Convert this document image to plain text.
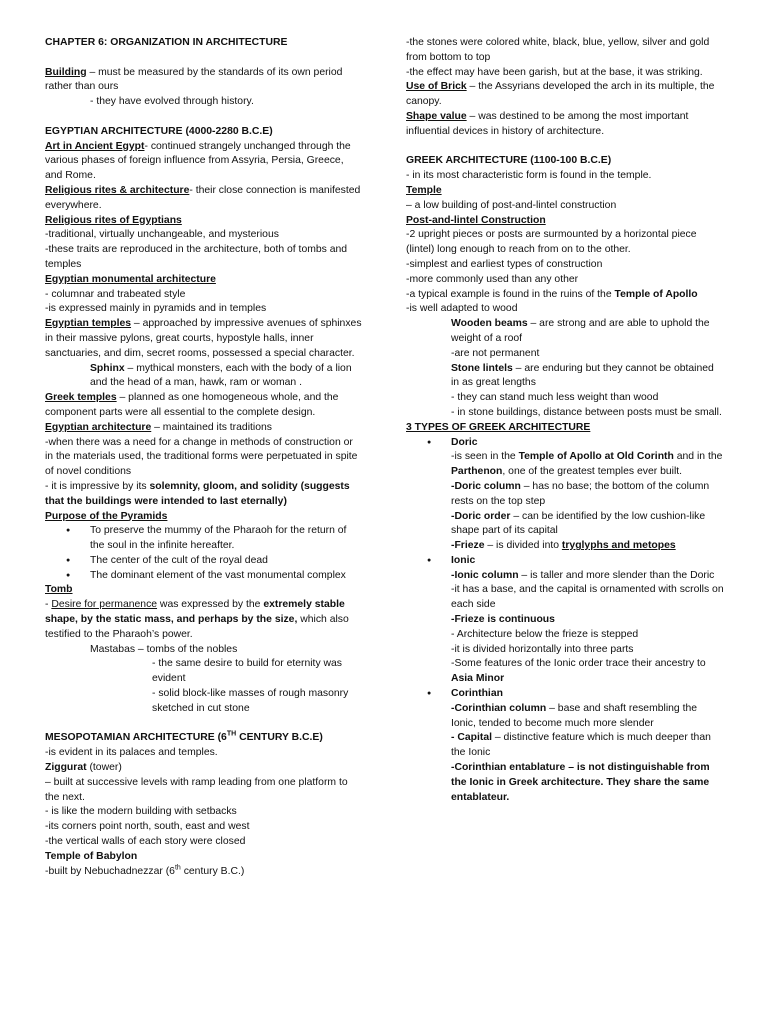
CHAPTER 6: ORGANIZATION IN ARCHITECTURE

Building – must be measured by the standards of its own period rather than ours

- they have evolved through history.

EGYPTIAN ARCHITECTURE (4000-2280 B.C.E)

Art in Ancient Egypt- continued strangely unchanged through the various phases of foreign influence from Assyria, Persia, Greece, and Rome.

Religious rites & architecture- their close connection is manifested everywhere.

Religious rites of Egyptians

-traditional, virtually unchangeable, and mysterious

-these traits are reproduced in the architecture, both of tombs and temples

Egyptian monumental architecture

- columnar and trabeated style

-is expressed mainly in pyramids and in temples

Egyptian temples – approached by impressive avenues of sphinxes in their massive pylons, great courts, hypostyle halls, inner sanctuaries, and dim, secret rooms, possessed a special character.

Sphinx – mythical monsters, each with the body of a lion and the head of a man, hawk, ram or woman .

Greek temples – planned as one homogeneous whole, and the component parts were all essential to the complete design.

Egyptian architecture – maintained its traditions

-when there was a need for a change in methods of construction or in the materials used, the traditional forms were perpetuated in spite of novel conditions

- it is impressive by its solemnity, gloom, and solidity (suggests that the buildings were intended to last eternally)

Purpose of the Pyramids

● To preserve the mummy of the Pharaoh for the return of the soul in the infinite hereafter.
● The center of the cult of the royal dead
● The dominant element of the vast monumental complex

Tomb

- Desire for permanence was expressed by the extremely stable shape, by the static mass, and perhaps by the size, which also testified to the Pharaoh’s power.

Mastabas – tombs of the nobles

- the same desire to build for eternity was evident

- solid block-like masses of rough masonry sketched in cut stone

MESOPOTAMIAN ARCHITECTURE (6TH CENTURY B.C.E)

-is evident in its palaces and temples.

Ziggurat (tower)

– built at successive levels with ramp leading from one platform to the next.

- is like the modern building with setbacks

-its corners point north, south, east and west

-the vertical walls of each story were closed

Temple of Babylon

-built by Nebuchadnezzar (6th century B.C.)

-the stones were colored white, black, blue, yellow, silver and gold from bottom to top

-the effect may have been garish, but at the base, it was striking.

Use of Brick – the Assyrians developed the arch in its multiple, the canopy.

Shape value – was destined to be among the most important influential devices in history of architecture.

GREEK ARCHITECTURE (1100-100 B.C.E)

- in its most characteristic form is found in the temple.

Temple

– a low building of post-and-lintel construction

Post-and-lintel Construction

-2 upright pieces or posts are surmounted by a horizontal piece (lintel) long enough to reach from on to the other.

-simplest and earliest types of construction

-more commonly used than any other

-a typical example is found in the ruins of the Temple of Apollo

-is well adapted to wood

Wooden beams – are strong and are able to uphold the weight of a roof

-are not permanent

Stone lintels – are enduring but they cannot be obtained in as great lengths

- they can stand much less weight than wood

- in stone buildings, distance between posts must be small.

3 TYPES OF GREEK ARCHITECTURE

● Doric
-is seen in the Temple of Apollo at Old Corinth and in the Parthenon, one of the greatest temples ever built.
-Doric column – has no base; the bottom of the column rests on the top step
-Doric order – can be identified by the low cushion-like shape part of its capital
-Frieze – is divided into tryglyphs and metopes
● Ionic
-Ionic column – is taller and more slender than the Doric
-it has a base, and the capital is ornamented with scrolls on each side
-Frieze is continuous
- Architecture below the frieze is stepped
-it is divided horizontally into three parts
-Some features of the Ionic order trace their ancestry to Asia Minor
● Corinthian
-Corinthian column – base and shaft resembling the Ionic, tended to become much more slender
- Capital – distinctive feature which is much deeper than the Ionic
-Corinthian entablature – is not distinguishable from the Ionic in Greek architecture. They share the same entablateur.
